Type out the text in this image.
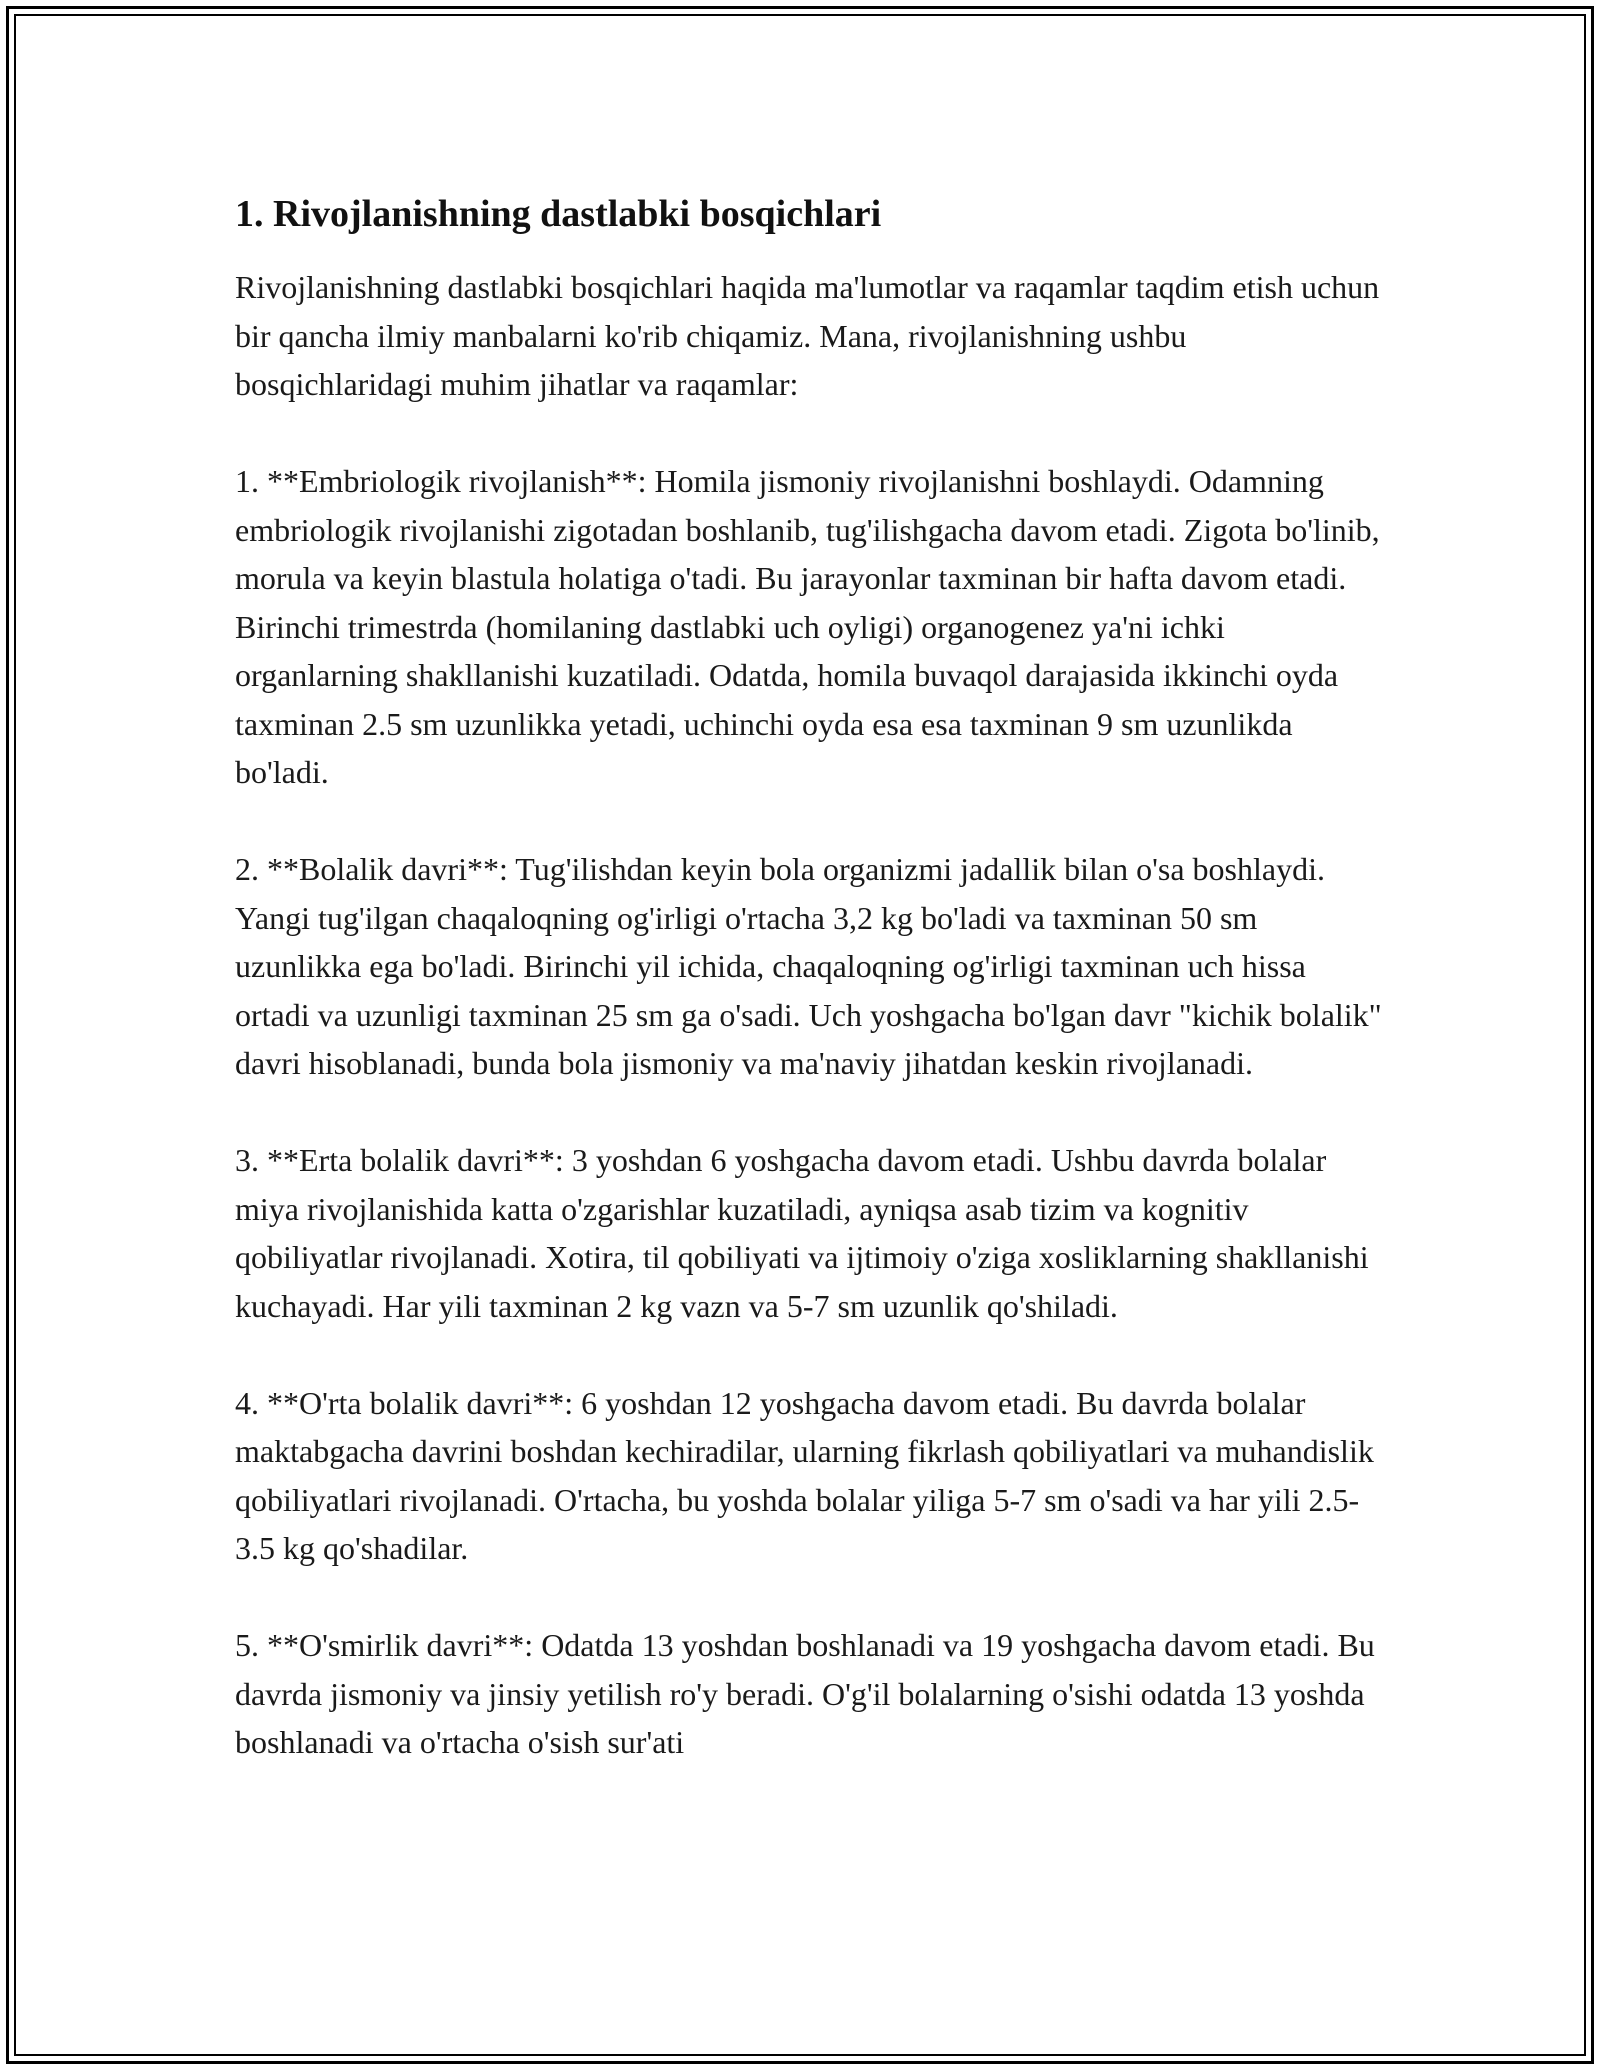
1. Rivojlanishning dastlabki bosqichlari

Rivojlanishning dastlabki bosqichlari haqida ma'lumotlar va raqamlar taqdim etish uchun bir qancha ilmiy manbalarni ko'rib chiqamiz. Mana, rivojlanishning ushbu bosqichlaridagi muhim jihatlar va raqamlar:

1. **Embriologik rivojlanish**: Homila jismoniy rivojlanishni boshlaydi. Odamning embriologik rivojlanishi zigotadan boshlanib, tug'ilishgacha davom etadi. Zigota bo'linib, morula va keyin blastula holatiga o'tadi. Bu jarayonlar taxminan bir hafta davom etadi. Birinchi trimestrda (homilaning dastlabki uch oyligi) organogenez ya'ni ichki organlarning shakllanishi kuzatiladi. Odatda, homila buvaqol darajasida ikkinchi oyda taxminan 2.5 sm uzunlikka yetadi, uchinchi oyda esa esa taxminan 9 sm uzunlikda bo'ladi.

2. **Bolalik davri**: Tug'ilishdan keyin bola organizmi jadallik bilan o'sa boshlaydi. Yangi tug'ilgan chaqaloqning og'irligi o'rtacha 3,2 kg bo'ladi va taxminan 50 sm uzunlikka ega bo'ladi. Birinchi yil ichida, chaqaloqning og'irligi taxminan uch hissa ortadi va uzunligi taxminan 25 sm ga o'sadi. Uch yoshgacha bo'lgan davr "kichik bolalik" davri hisoblanadi, bunda bola jismoniy va ma'naviy jihatdan keskin rivojlanadi.

3. **Erta bolalik davri**: 3 yoshdan 6 yoshgacha davom etadi. Ushbu davrda bolalar miya rivojlanishida katta o'zgarishlar kuzatiladi, ayniqsa asab tizim va kognitiv qobiliyatlar rivojlanadi. Xotira, til qobiliyati va ijtimoiy o'ziga xosliklarning shakllanishi kuchayadi. Har yili taxminan 2 kg vazn va 5-7 sm uzunlik qo'shiladi.

4. **O'rta bolalik davri**: 6 yoshdan 12 yoshgacha davom etadi. Bu davrda bolalar maktabgacha davrini boshdan kechiradilar, ularning fikrlash qobiliyatlari va muhandislik qobiliyatlari rivojlanadi. O'rtacha, bu yoshda bolalar yiliga 5-7 sm o'sadi va har yili 2.5-3.5 kg qo'shadilar.

5. **O'smirlik davri**: Odatda 13 yoshdan boshlanadi va 19 yoshgacha davom etadi. Bu davrda jismoniy va jinsiy yetilish ro'y beradi. O'g'il bolalarning o'sishi odatda 13 yoshda boshlanadi va o'rtacha o'sish sur'ati
